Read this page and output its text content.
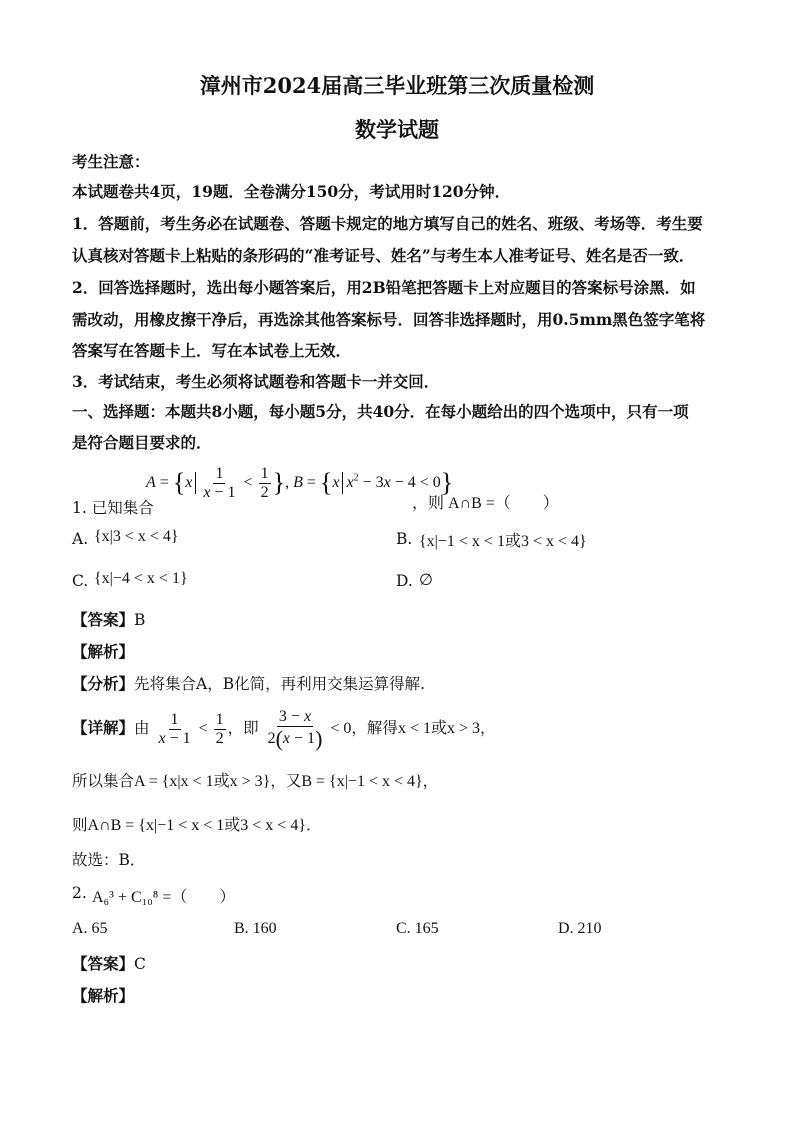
漳州市2024届高三毕业班第三次质量检测
数学试题
考生注意：
本试题卷共4页，19题．全卷满分150分，考试用时120分钟．
1．答题前，考生务必在试题卷、答题卡规定的地方填写自己的姓名、班级、考场等．考生要
认真核对答题卡上粘贴的条形码的“准考证号、姓名”与考生本人准考证号、姓名是否一致．
2．回答选择题时，选出每小题答案后，用2B铅笔把答题卡上对应题目的答案标号涂黑．如
需改动，用橡皮擦干净后，再选涂其他答案标号．回答非选择题时，用0.5mm黑色签字笔将
答案写在答题卡上．写在本试卷上无效．
3．考试结束，考生必须将试题卷和答题卡一并交回．
一、选择题：本题共8小题，每小题5分，共40分．在每小题给出的四个选项中，只有一项
是符合题目要求的．
1. 已知集合
$A = \{x \frac{1}{x - 1} < \frac{1}{2}$ }, B = {x $x^2 - 3x - 4 < 0$}
，则 A∩B =（　　）
A. {x|3 < x < 4}	B. {x|−1 < x < 1或3 < x < 4}
C. {x|−4 < x < 1}	D. ∅
【答案】B
【解析】
【分析】先将集合A，B化简，再利用交集运算得解.
【详解】由 $\frac{1}{x - 1} < \frac{1}{2}$ ，即 $\frac{3 - x}{2(x - 1)} < 0$，解得x < 1或x > 3，
所以集合A = {x|x < 1或x > 3}，又B = {x|−1 < x < 4}，
则A∩B = {x|−1 < x < 1或3 < x < 4}．
故选：B．
2. A₆³ + C₁₀⁸ =（　　）
A. 65	B. 160	C. 165	D. 210
【答案】C
【解析】
